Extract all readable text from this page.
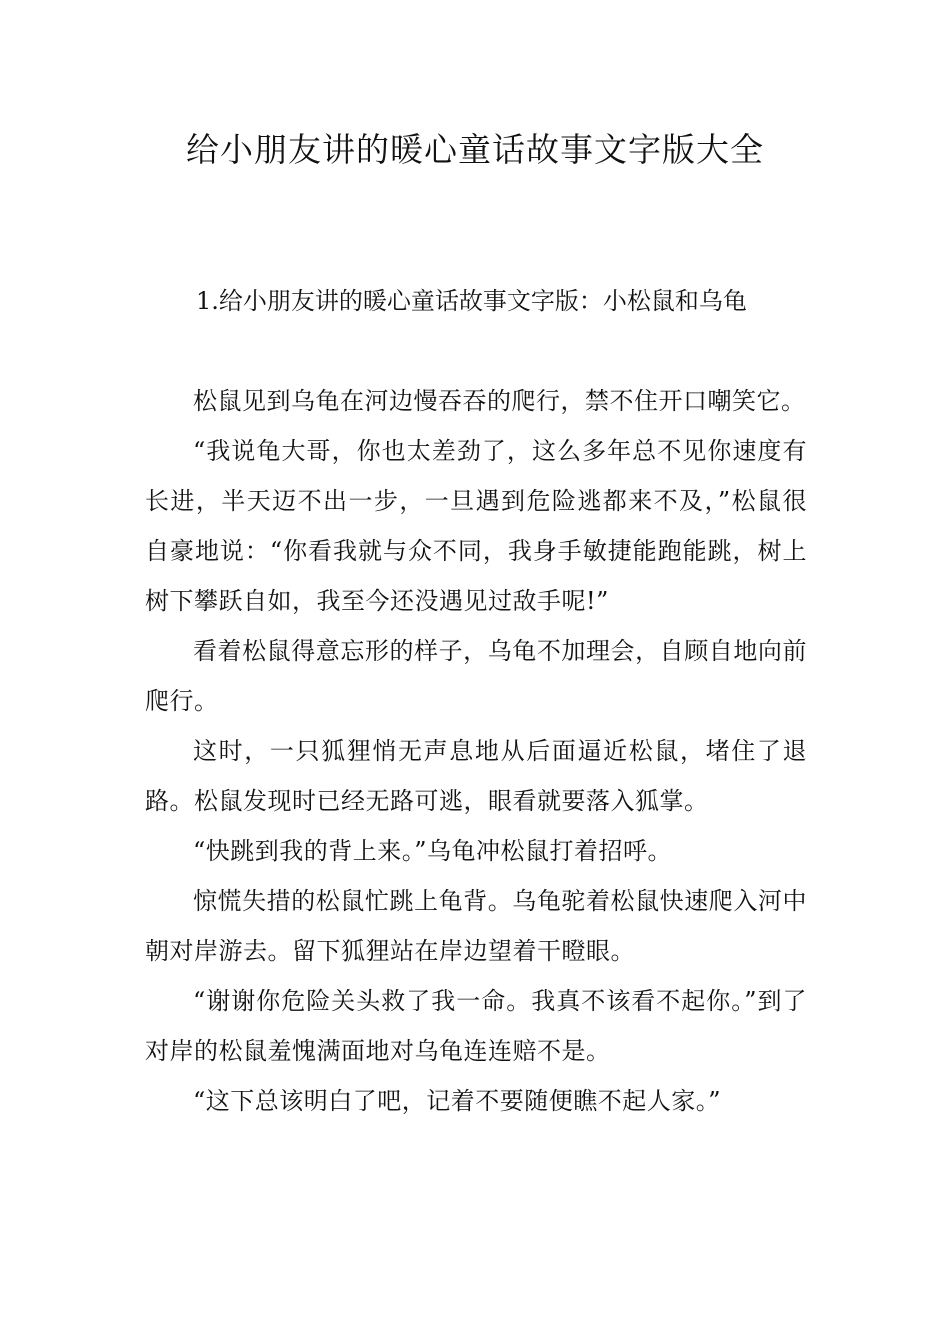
给小朋友讲的暖心童话故事文字版大全
1.给小朋友讲的暖心童话故事文字版：小松鼠和乌龟

松鼠见到乌龟在河边慢吞吞的爬行，禁不住开口嘲笑它。

“我说龟大哥，你也太差劲了，这么多年总不见你速度有长进，半天迈不出一步，一旦遇到危险逃都来不及，”松鼠很自豪地说：“你看我就与众不同，我身手敏捷能跑能跳，树上树下攀跃自如，我至今还没遇见过敌手呢!”

看着松鼠得意忘形的样子，乌龟不加理会，自顾自地向前爬行。

这时，一只狐狸悄无声息地从后面逼近松鼠，堵住了退路。松鼠发现时已经无路可逃，眼看就要落入狐掌。

“快跳到我的背上来。”乌龟冲松鼠打着招呼。

惊慌失措的松鼠忙跳上龟背。乌龟驼着松鼠快速爬入河中朝对岸游去。留下狐狸站在岸边望着干瞪眼。

“谢谢你危险关头救了我一命。我真不该看不起你。”到了对岸的松鼠羞愧满面地对乌龟连连赔不是。

“这下总该明白了吧，记着不要随便瞧不起人家。”
